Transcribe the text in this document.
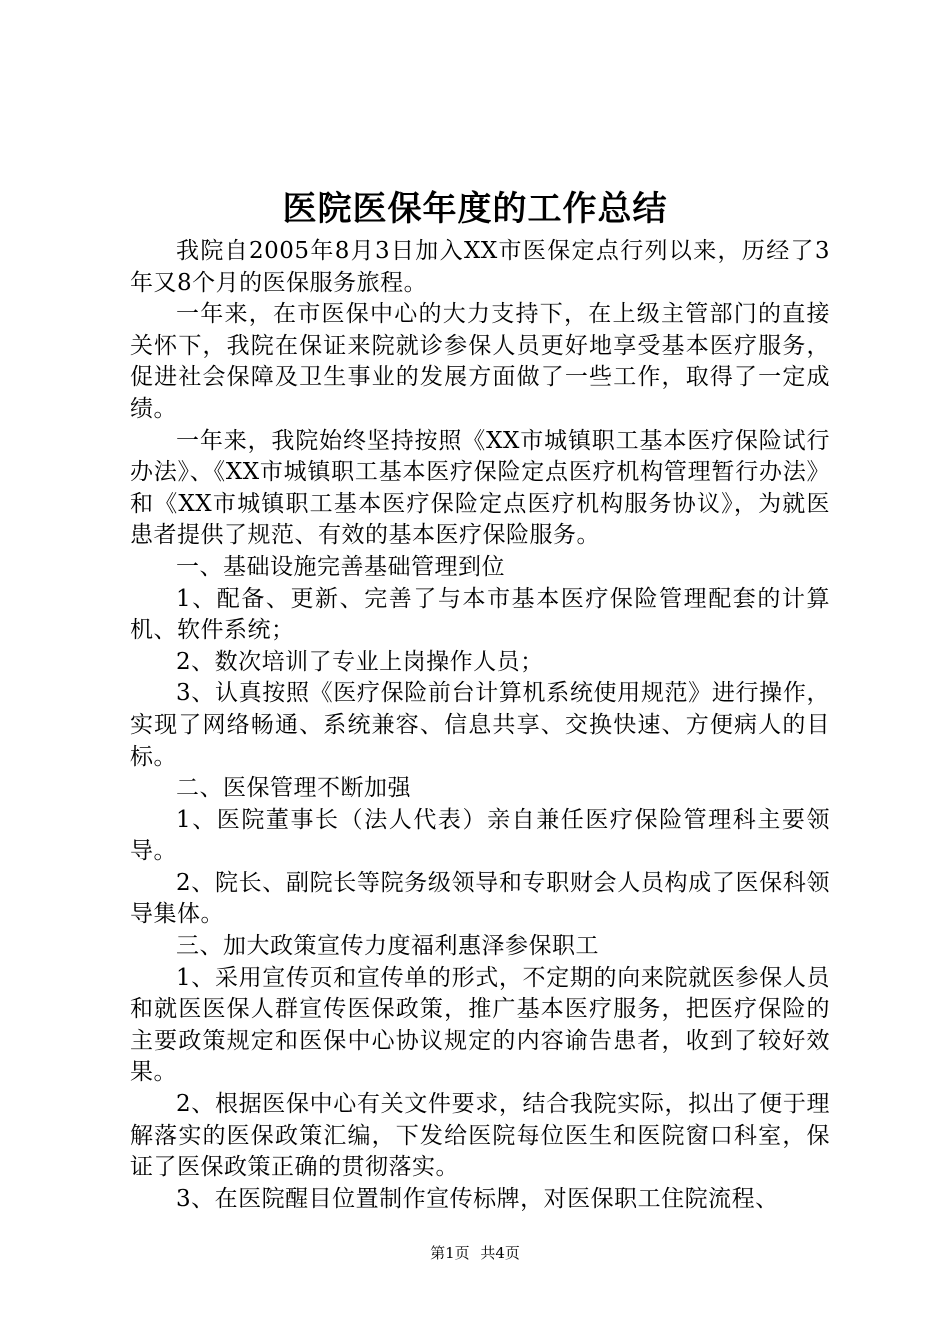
医院医保年度的工作总结

我院自2005年8月3日加入XX市医保定点行列以来，历经了3年又8个月的医保服务旅程。

一年来，在市医保中心的大力支持下，在上级主管部门的直接关怀下，我院在保证来院就诊参保人员更好地享受基本医疗服务，促进社会保障及卫生事业的发展方面做了一些工作，取得了一定成绩。

一年来，我院始终坚持按照《XX市城镇职工基本医疗保险试行办法》、《XX市城镇职工基本医疗保险定点医疗机构管理暂行办法》和《XX市城镇职工基本医疗保险定点医疗机构服务协议》，为就医患者提供了规范、有效的基本医疗保险服务。

一、基础设施完善基础管理到位

1、配备、更新、完善了与本市基本医疗保险管理配套的计算机、软件系统；

2、数次培训了专业上岗操作人员；

3、认真按照《医疗保险前台计算机系统使用规范》进行操作，实现了网络畅通、系统兼容、信息共享、交换快速、方便病人的目标。

二、医保管理不断加强

1、医院董事长（法人代表）亲自兼任医疗保险管理科主要领导。

2、院长、副院长等院务级领导和专职财会人员构成了医保科领导集体。

三、加大政策宣传力度福利惠泽参保职工

1、采用宣传页和宣传单的形式，不定期的向来院就医参保人员和就医医保人群宣传医保政策，推广基本医疗服务，把医疗保险的主要政策规定和医保中心协议规定的内容谕告患者，收到了较好效果。

2、根据医保中心有关文件要求，结合我院实际，拟出了便于理解落实的医保政策汇编，下发给医院每位医生和医院窗口科室，保证了医保政策正确的贯彻落实。

3、在医院醒目位置制作宣传标牌，对医保职工住院流程、

第1页 共4页
